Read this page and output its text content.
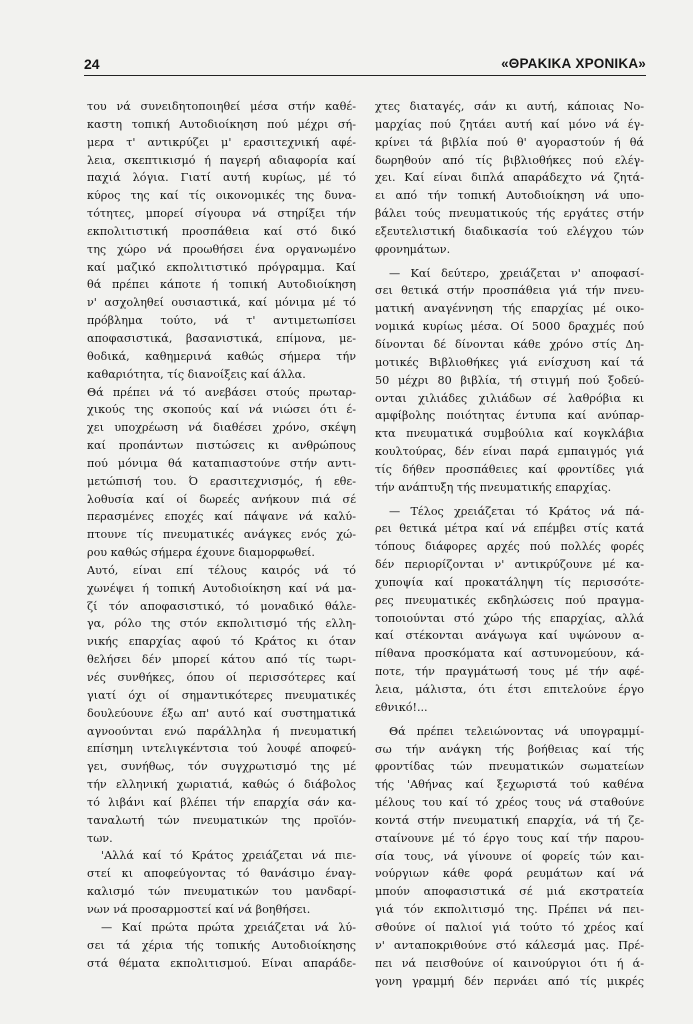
24	«ΘΡΑΚΙΚΑ ΧΡΟΝΙΚΑ»
του νά συνειδητοποιηθεί μέσα στήν καθέ-
καστη τοπική Αυτοδιοίκηση πού μέχρι σή-
μερα τ' αντικρύζει μ' ερασιτεχνική αφέ-
λεια, σκεπτικισμό ή παγερή αδιαφορία καί
παχιά λόγια. Γιατί αυτή κυρίως, μέ τό
κύρος της καί τίς οικονομικές της δυνα-
τότητες, μπορεί σίγουρα νά στηρίξει τήν
εκπολιτιστική προσπάθεια καί στό δικό
της χώρο νά προωθήσει ένα οργανωμένο
καί μαζικό εκπολιτιστικό πρόγραμμα. Καί
θά πρέπει κάποτε ή τοπική Αυτοδιοίκηση
ν' ασχοληθεί ουσιαστικά, καί μόνιμα μέ τό
πρόβλημα τούτο, νά τ' αντιμετωπίσει
αποφασιστικά, βασανιστικά, επίμονα, με-
θοδικά, καθημερινά καθώς σήμερα τήν
καθαριότητα, τίς διανοίξεις καί άλλα.
Θά πρέπει νά τό ανεβάσει στούς πρωταρ-
χικούς της σκοπούς καί νά νιώσει ότι έ-
χει υποχρέωση νά διαθέσει χρόνο, σκέψη
καί προπάντων πιστώσεις κι ανθρώπους
πού μόνιμα θά καταπιαστούνε στήν αντι-
μετώπισή του. Ό ερασιτεχνισμός, ή εθε-
λοθυσία καί οί δωρεές ανήκουν πιά σέ
περασμένες εποχές καί πάψανε νά καλύ-
πτουνε τίς πνευματικές ανάγκες ενός χώ-
ρου καθώς σήμερα έχουνε διαμορφωθεί.
Αυτό, είναι επί τέλους καιρός νά τό
χωνέψει ή τοπική Αυτοδιοίκηση καί νά μα-
ζί τόν αποφασιστικό, τό μοναδικό θάλε-
γα, ρόλο της στόν εκπολιτισμό τής ελλη-
νικής επαρχίας αφού τό Κράτος κι όταν
θελήσει δέν μπορεί κάτου από τίς τωρι-
νές συνθήκες, όπου οί περισσότερες καί
γιατί όχι οί σημαντικότερες πνευματικές
δουλεύουνε έξω απ' αυτό καί συστηματικά
αγνοούνται ενώ παράλληλα ή πνευματική
επίσημη ιντελιγκέντσια τού λουφέ αποφεύ-
γει, συνήθως, τόν συγχρωτισμό της μέ
τήν ελληνική χωριατιά, καθώς ό διάβολος
τό λιβάνι καί βλέπει τήν επαρχία σάν κα-
ταναλωτή τών πνευματικών της προϊόν-
των.
'Αλλά καί τό Κράτος χρειάζεται νά πιε-
στεί κι αποφεύγοντας τό θανάσιμο έναγ-
καλισμό τών πνευματικών του μανδαρί-
νων νά προσαρμοστεί καί νά βοηθήσει.
— Καί πρώτα πρώτα χρειάζεται νά λύ-
σει τά χέρια τής τοπικής Αυτοδιοίκησης
στά θέματα εκπολιτισμού. Είναι απαράδε-
χτες διαταγές, σάν κι αυτή, κάποιας Νο-
μαρχίας πού ζητάει αυτή καί μόνο νά έγ-
κρίνει τά βιβλία πού θ' αγοραστούν ή θά
δωρηθούν από τίς βιβλιοθήκες πού ελέγ-
χει. Καί είναι διπλά απαράδεχτο νά ζητά-
ει από τήν τοπική Αυτοδιοίκηση νά υπο-
βάλει τούς πνευματικούς τής εργάτες στήν
εξευτελιστική διαδικασία τού ελέγχου τών
φρονημάτων.
— Καί δεύτερο, χρειάζεται ν' αποφασί-
σει θετικά στήν προσπάθεια γιά τήν πνευ-
ματική αναγέννηση τής επαρχίας μέ οικο-
νομικά κυρίως μέσα. Οί 5000 δραχμές πού
δίνονται δέ δίνονται κάθε χρόνο στίς Δη-
μοτικές Βιβλιοθήκες γιά ενίσχυση καί τά
50 μέχρι 80 βιβλία, τή στιγμή πού ξοδεύ-
ονται χιλιάδες χιλιάδων σέ λαθρόβια κι
αμφίβολης ποιότητας έντυπα καί ανύπαρ-
κτα πνευματικά συμβούλια καί κογκλάβια
κουλτούρας, δέν είναι παρά εμπαιγμός γιά
τίς δήθεν προσπάθειες καί φροντίδες γιά
τήν ανάπτυξη τής πνευματικής επαρχίας.
— Τέλος χρειάζεται τό Κράτος νά πά-
ρει θετικά μέτρα καί νά επέμβει στίς κατά
τόπους διάφορες αρχές πού πολλές φορές
δέν περιορίζονται ν' αντικρύζουνε μέ κα-
χυποψία καί προκατάληψη τίς περισσότε-
ρες πνευματικές εκδηλώσεις πού πραγμα-
τοποιούνται στό χώρο τής επαρχίας, αλλά
καί στέκονται ανάγωγα καί υψώνουν α-
πίθανα προσκόματα καί αστυνομεύουν, κά-
ποτε, τήν πραγμάτωσή τους μέ τήν αφέ-
λεια, μάλιστα, ότι έτσι επιτελούνε έργο
εθνικό!...
Θά πρέπει τελειώνοντας νά υπογραμμί-
σω τήν ανάγκη τής βοήθειας καί τής
φροντίδας τών πνευματικών σωματείων
τής 'Αθήνας καί ξεχωριστά τού καθένα
μέλους του καί τό χρέος τους νά σταθούνε
κοντά στήν πνευματική επαρχία, νά τή ζε-
σταίνουνε μέ τό έργο τους καί τήν παρου-
σία τους, νά γίνουνε οί φορείς τών και-
νούργιων κάθε φορά ρευμάτων καί νά
μπούν αποφασιστικά σέ μιά εκστρατεία
γιά τόν εκπολιτισμό της. Πρέπει νά πει-
σθούνε οί παλιοί γιά τούτο τό χρέος καί
ν' ανταποκριθούνε στό κάλεσμά μας. Πρέ-
πει νά πεισθούνε οί καινούργιοι ότι ή ά-
γονη γραμμή δέν περνάει από τίς μικρές
